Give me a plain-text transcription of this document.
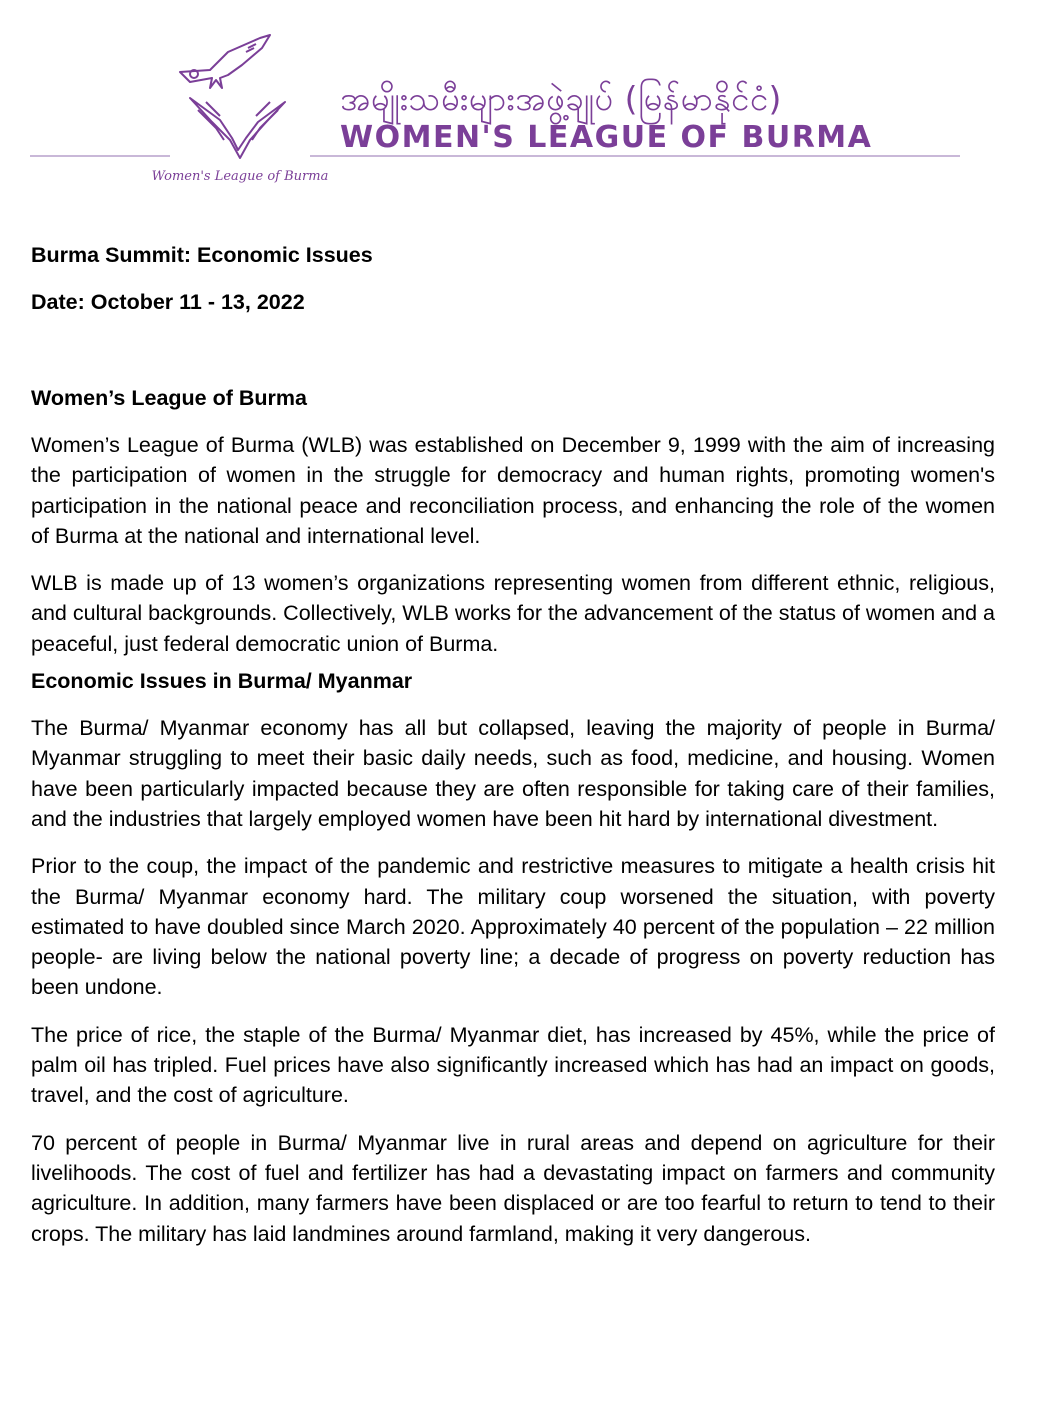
Women's League of Burma
အမျိုးသမီးများအဖွဲ့ချုပ် (မြန်မာနိုင်ငံ)
WOMEN'S LEAGUE OF BURMA

Burma Summit: Economic Issues

Date: October 11 - 13, 2022

Women’s League of Burma

Women’s League of Burma (WLB) was established on December 9, 1999 with the aim of increasing the participation of women in the struggle for democracy and human rights, promoting women's participation in the national peace and reconciliation process, and enhancing the role of the women of Burma at the national and international level.

WLB is made up of 13 women’s organizations representing women from different ethnic, religious, and cultural backgrounds. Collectively, WLB works for the advancement of the status of women and a peaceful, just federal democratic union of Burma.

Economic Issues in Burma/ Myanmar

The Burma/ Myanmar economy has all but collapsed, leaving the majority of people in Burma/ Myanmar struggling to meet their basic daily needs, such as food, medicine, and housing. Women have been particularly impacted because they are often responsible for taking care of their families, and the industries that largely employed women have been hit hard by international divestment.

Prior to the coup, the impact of the pandemic and restrictive measures to mitigate a health crisis hit the Burma/ Myanmar economy hard. The military coup worsened the situation, with poverty estimated to have doubled since March 2020. Approximately 40 percent of the population – 22 million people- are living below the national poverty line; a decade of progress on poverty reduction has been undone.

The price of rice, the staple of the Burma/ Myanmar diet, has increased by 45%, while the price of palm oil has tripled. Fuel prices have also significantly increased which has had an impact on goods, travel, and the cost of agriculture.

70 percent of people in Burma/ Myanmar live in rural areas and depend on agriculture for their livelihoods. The cost of fuel and fertilizer has had a devastating impact on farmers and community agriculture. In addition, many farmers have been displaced or are too fearful to return to tend to their crops. The military has laid landmines around farmland, making it very dangerous.
